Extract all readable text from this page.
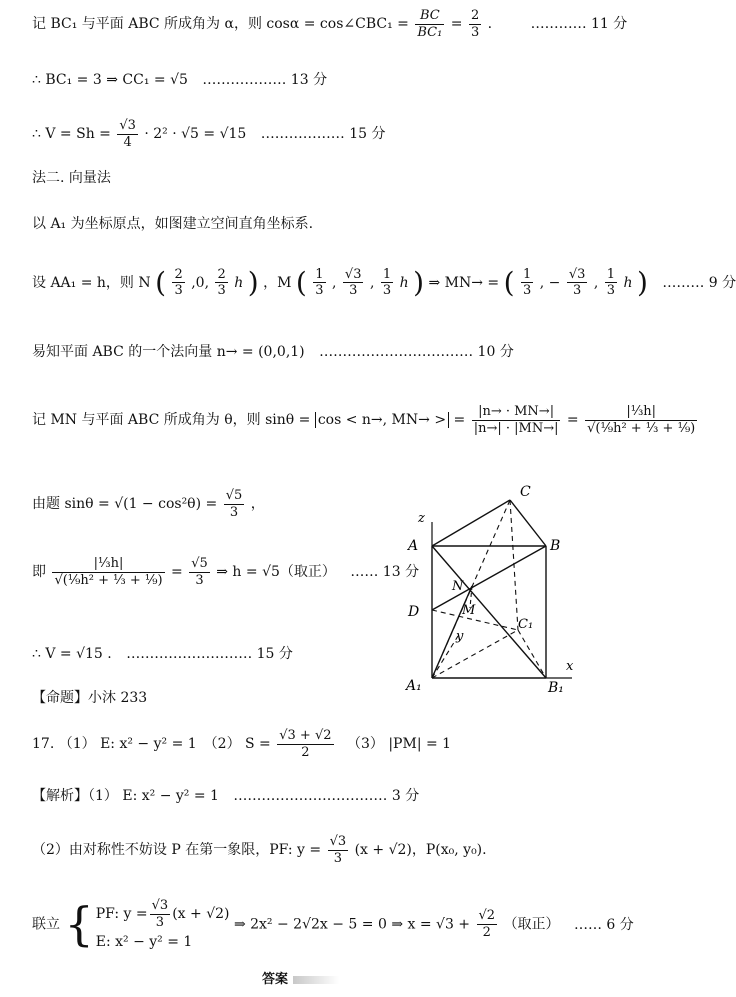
记 BC₁ 与平面 ABC 所成角为 α，则 cosα = cos∠CBC₁ = $\frac{BC}{\text{BC₁}} = \frac{2}{3}$ .	………… 11 分
∴ BC₁ = 3 ⇒ CC₁ = √5 ……………… 13 分
∴ $V = Sh = \frac{√3}{4} \cdot 2^2 \cdot √5 = √15$ ……………… 15 分
法二. 向量法
以 A₁ 为坐标原点，如图建立空间直角坐标系.
设 AA₁ = h，则 N ( $\frac{2}{3} ,0$, $\frac{2}{3}$ h ) ，M ( $\frac{1}{3}$ , $\frac{√3}{3}$ , $\frac{1}{3}$ h ) ⇒ MN→ = ( $\frac{1}{3}$ , − $\frac{√3}{3}$ , $\frac{1}{3}$ h ) ……… 9 分
易知平面 ABC 的一个法向量 n→ = (0,0,1) …………………………… 10 分
记 MN 与平面 ABC 所成角为 θ，则 sinθ = cos < n→, MN→ > = $\frac{|n\to \cdot MN\to|}{|n\to| \cdot |MN\to|} = \frac{\text{|⅓h|}}{\text{√(⅑h² + ⅓ + ⅑)}}$
由题 $\sin\theta = √(1 - \cos^2\theta) = \frac{√5}{3}$ ，
即 $\frac{\text{|⅓h|}}{\text{√(⅑h² + ⅓ + ⅑)}} = \frac{√5}{3}$ ⇒ h = √5（取正） …… 13 分
∴ V = √15 . ……………………… 15 分
【命题】小沐 233
17. （1） E: x² − y² = 1　（2） $S = \frac{√3 + √2}{2}$ 　（3） |PM| = 1
【解析】（1） E: x² − y² = 1 …………………………… 3 分
（2）由对称性不妨设 P 在第一象限，PF: $y = \frac{√3}{3} (x + √2)$，P(x₀, y₀).
联立 { PF: $y = \frac{√3}{3} (x + √2)$
E: x² − y² = 1
⇒ 2x² − 2√2x − 5 = 0 ⇒ $x = √3 + \frac{√2}{2}$ （取正） …… 6 分
答案
C
A	B
z
N
D	M
C₁
y
x
A₁	B₁
